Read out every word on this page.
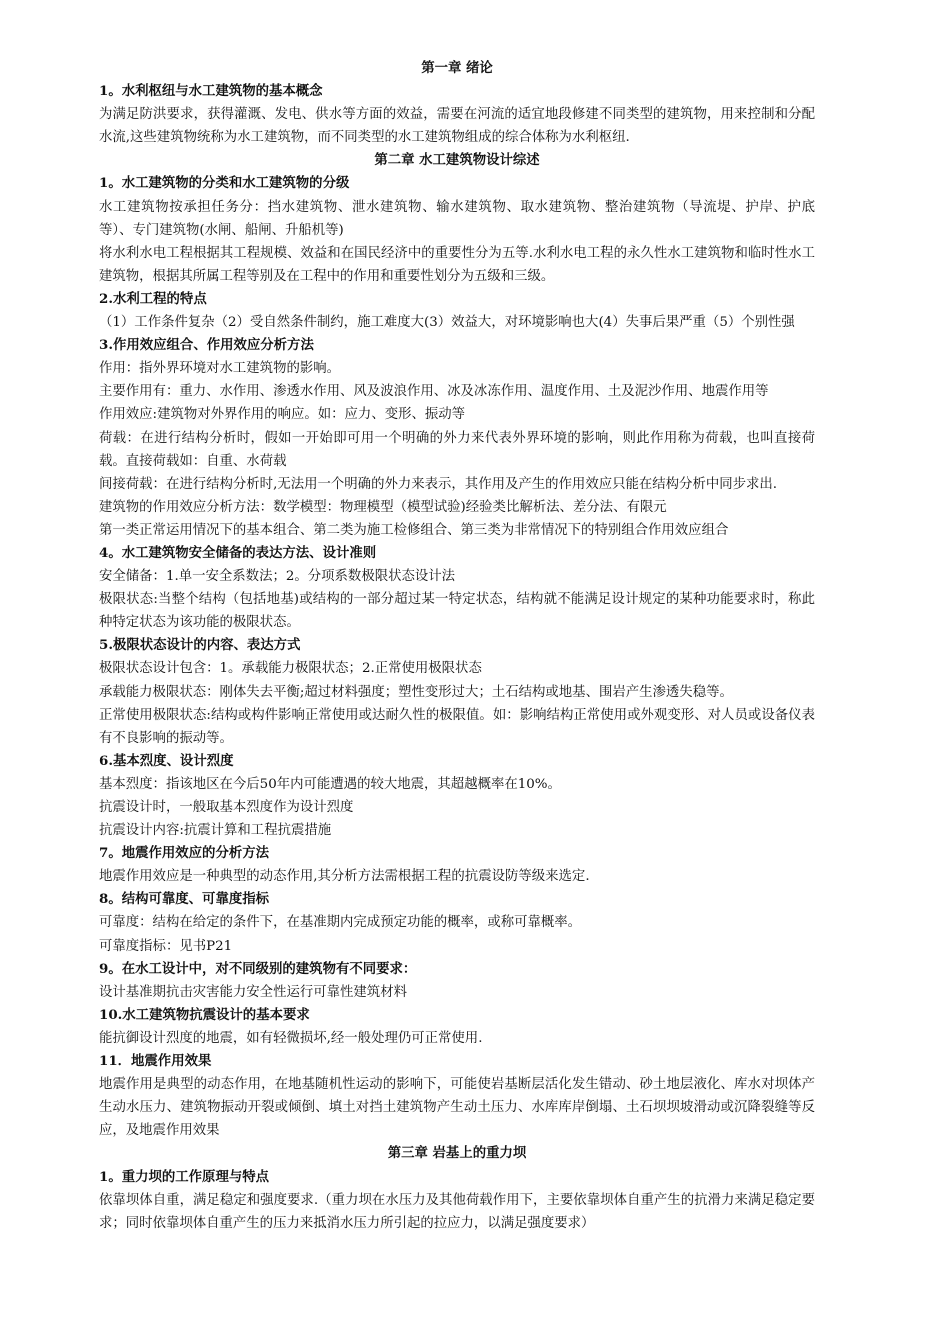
第一章 绪论
1。水利枢纽与水工建筑物的基本概念
为满足防洪要求，获得灌溉、发电、供水等方面的效益，需要在河流的适宜地段修建不同类型的建筑物，用来控制和分配水流,这些建筑物统称为水工建筑物，而不同类型的水工建筑物组成的综合体称为水利枢纽.
第二章 水工建筑物设计综述
1。水工建筑物的分类和水工建筑物的分级
水工建筑物按承担任务分：挡水建筑物、泄水建筑物、输水建筑物、取水建筑物、整治建筑物（导流堤、护岸、护底等）、专门建筑物(水闸、船闸、升船机等)
将水利水电工程根据其工程规模、效益和在国民经济中的重要性分为五等.水利水电工程的永久性水工建筑物和临时性水工建筑物，根据其所属工程等别及在工程中的作用和重要性划分为五级和三级。
2.水利工程的特点
（1）工作条件复杂（2）受自然条件制约，施工难度大(3）效益大，对环境影响也大(4）失事后果严重（5）个别性强
3.作用效应组合、作用效应分析方法
作用：指外界环境对水工建筑物的影响。
主要作用有：重力、水作用、渗透水作用、风及波浪作用、冰及冰冻作用、温度作用、土及泥沙作用、地震作用等
作用效应:建筑物对外界作用的响应。如：应力、变形、振动等
荷载：在进行结构分析时，假如一开始即可用一个明确的外力来代表外界环境的影响，则此作用称为荷载，也叫直接荷载。直接荷载如：自重、水荷载
间接荷载：在进行结构分析时,无法用一个明确的外力来表示，其作用及产生的作用效应只能在结构分析中同步求出.
建筑物的作用效应分析方法：数学模型：物理模型（模型试验)经验类比解析法、差分法、有限元
第一类正常运用情况下的基本组合、第二类为施工检修组合、第三类为非常情况下的特别组合作用效应组合
4。水工建筑物安全储备的表达方法、设计准则
安全储备：1.单一安全系数法；2。分项系数极限状态设计法
极限状态:当整个结构（包括地基)或结构的一部分超过某一特定状态，结构就不能满足设计规定的某种功能要求时，称此种特定状态为该功能的极限状态。
5.极限状态设计的内容、表达方式
极限状态设计包含：1。承载能力极限状态；2.正常使用极限状态
承载能力极限状态：刚体失去平衡;超过材料强度；塑性变形过大；土石结构或地基、围岩产生渗透失稳等。
正常使用极限状态:结构或构件影响正常使用或达耐久性的极限值。如：影响结构正常使用或外观变形、对人员或设备仪表有不良影响的振动等。
6.基本烈度、设计烈度
基本烈度：指该地区在今后50年内可能遭遇的较大地震，其超越概率在10%。
抗震设计时，一般取基本烈度作为设计烈度
抗震设计内容:抗震计算和工程抗震措施
7。地震作用效应的分析方法
地震作用效应是一种典型的动态作用,其分析方法需根据工程的抗震设防等级来选定.
8。结构可靠度、可靠度指标
可靠度：结构在给定的条件下，在基准期内完成预定功能的概率，或称可靠概率。
可靠度指标：见书P21
9。在水工设计中，对不同级别的建筑物有不同要求：
设计基准期抗击灾害能力安全性运行可靠性建筑材料
10.水工建筑物抗震设计的基本要求
能抗御设计烈度的地震，如有轻微损坏,经一般处理仍可正常使用.
11．地震作用效果
地震作用是典型的动态作用，在地基随机性运动的影响下，可能使岩基断层活化发生错动、砂土地层液化、库水对坝体产生动水压力、建筑物振动开裂或倾倒、填土对挡土建筑物产生动土压力、水库库岸倒塌、土石坝坝坡滑动或沉降裂缝等反应，及地震作用效果
第三章 岩基上的重力坝
1。重力坝的工作原理与特点
依靠坝体自重，满足稳定和强度要求.（重力坝在水压力及其他荷载作用下，主要依靠坝体自重产生的抗滑力来满足稳定要求；同时依靠坝体自重产生的压力来抵消水压力所引起的拉应力，以满足强度要求）
